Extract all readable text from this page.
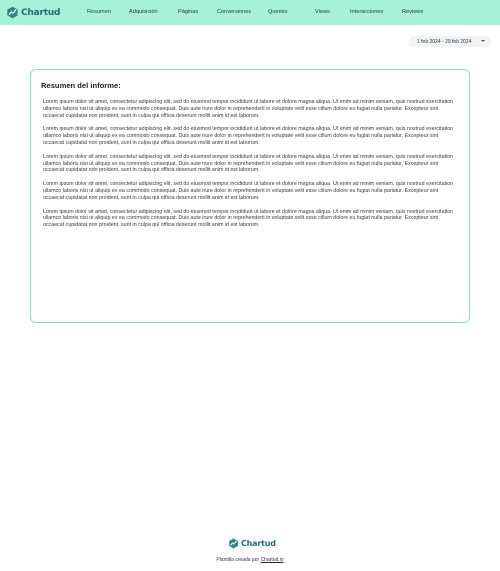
Chartud	Resumen	Adquisición	Páginas	Conversiones	Queries	Views	Interacciones	Reviews
1 feb 2024 - 29 feb 2024
Resumen del informe:

Lorem ipsum dolor sit amet, consectetur adipiscing elit, sed do eiusmod tempor incididunt ut labore et dolore magna aliqua. Ut enim ad minim veniam, quis nostrud exercitation ullamco laboris nisi ut aliquip ex ea commodo consequat. Duis aute irure dolor in reprehenderit in voluptate velit esse cillum dolore eu fugiat nulla pariatur. Excepteur sint occaecat cupidatat non proident, sunt in culpa qui officia deserunt mollit anim id est laborum.

Lorem ipsum dolor sit amet, consectetur adipiscing elit, sed do eiusmod tempor incididunt ut labore et dolore magna aliqua. Ut enim ad minim veniam, quis nostrud exercitation ullamco laboris nisi ut aliquip ex ea commodo consequat. Duis aute irure dolor in reprehenderit in voluptate velit esse cillum dolore eu fugiat nulla pariatur. Excepteur sint occaecat cupidatat non proident, sunt in culpa qui officia deserunt mollit anim id est laborum.

Lorem ipsum dolor sit amet, consectetur adipiscing elit, sed do eiusmod tempor incididunt ut labore et dolore magna aliqua. Ut enim ad minim veniam, quis nostrud exercitation ullamco laboris nisi ut aliquip ex ea commodo consequat. Duis aute irure dolor in reprehenderit in voluptate velit esse cillum dolore eu fugiat nulla pariatur. Excepteur sint occaecat cupidatat non proident, sunt in culpa qui officia deserunt mollit anim id est laborum.

Lorem ipsum dolor sit amet, consectetur adipiscing elit, sed do eiusmod tempor incididunt ut labore et dolore magna aliqua. Ut enim ad minim veniam, quis nostrud exercitation ullamco laboris nisi ut aliquip ex ea commodo consequat. Duis aute irure dolor in reprehenderit in voluptate velit esse cillum dolore eu fugiat nulla pariatur. Excepteur sint occaecat cupidatat non proident, sunt in culpa qui officia deserunt mollit anim id est laborum.

Lorem ipsum dolor sit amet, consectetur adipiscing elit, sed do eiusmod tempor incididunt ut labore et dolore magna aliqua. Ut enim ad minim veniam, quis nostrud exercitation ullamco laboris nisi ut aliquip ex ea commodo consequat. Duis aute irure dolor in reprehenderit in voluptate velit esse cillum dolore eu fugiat nulla pariatur. Excepteur sint occaecat cupidatat non proident, sunt in culpa qui officia deserunt mollit anim id est laborum.

Chartud
Plantilla creada por Chartud.io
